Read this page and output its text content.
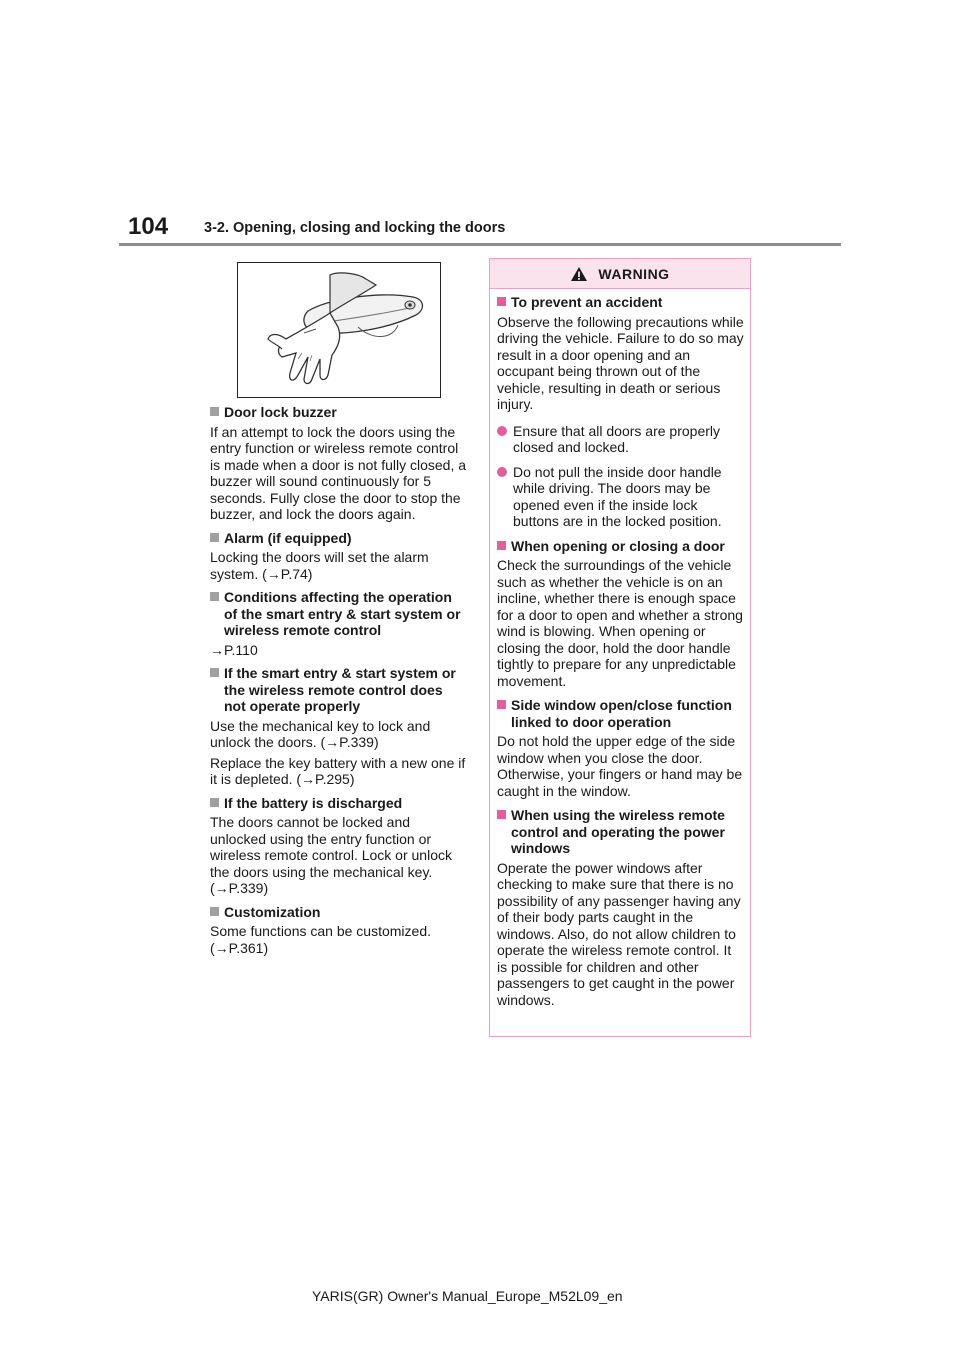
104 3-2. Opening, closing and locking the doors
Door lock buzzer
If an attempt to lock the doors using the entry function or wireless remote control is made when a door is not fully closed, a buzzer will sound continuously for 5 seconds. Fully close the door to stop the buzzer, and lock the doors again.
Alarm (if equipped)
Locking the doors will set the alarm system. (→P.74)
Conditions affecting the operation of the smart entry & start system or wireless remote control
→P.110
If the smart entry & start system or the wireless remote control does not operate properly
Use the mechanical key to lock and unlock the doors. (→P.339)
Replace the key battery with a new one if it is depleted. (→P.295)
If the battery is discharged
The doors cannot be locked and unlocked using the entry function or wireless remote control. Lock or unlock the doors using the mechanical key. (→P.339)
Customization
Some functions can be customized. (→P.361)
WARNING
To prevent an accident
Observe the following precautions while driving the vehicle. Failure to do so may result in a door opening and an occupant being thrown out of the vehicle, resulting in death or serious injury.
Ensure that all doors are properly closed and locked.
Do not pull the inside door handle while driving. The doors may be opened even if the inside lock buttons are in the locked position.
When opening or closing a door
Check the surroundings of the vehicle such as whether the vehicle is on an incline, whether there is enough space for a door to open and whether a strong wind is blowing. When opening or closing the door, hold the door handle tightly to prepare for any unpredictable movement.
Side window open/close function linked to door operation
Do not hold the upper edge of the side window when you close the door. Otherwise, your fingers or hand may be caught in the window.
When using the wireless remote control and operating the power windows
Operate the power windows after checking to make sure that there is no possibility of any passenger having any of their body parts caught in the windows. Also, do not allow children to operate the wireless remote control. It is possible for children and other passengers to get caught in the power windows.
YARIS(GR) Owner's Manual_Europe_M52L09_en
